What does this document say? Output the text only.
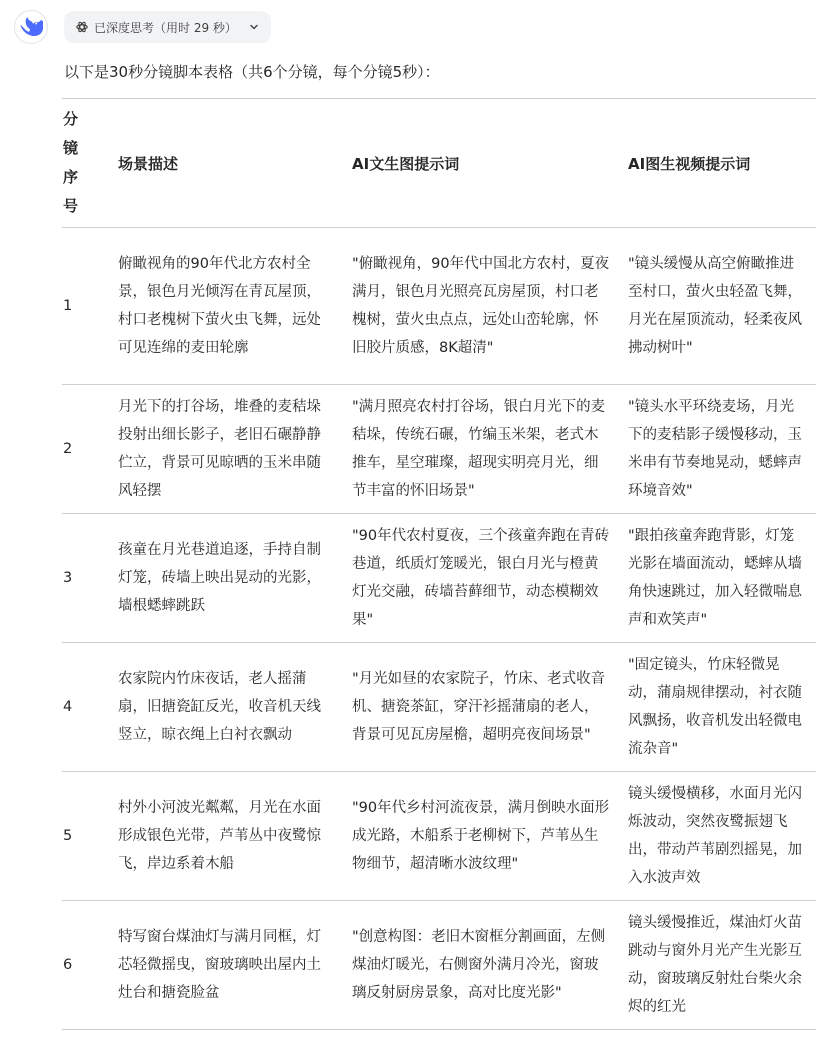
已深度思考（用时 29 秒）
以下是30秒分镜脚本表格（共6个分镜，每个分镜5秒）：
分
镜
序
号	场景描述	AI文生图提示词	AI图生视频提示词
1	俯瞰视角的90年代北方农村全景，银色月光倾泻在青瓦屋顶，村口老槐树下萤火虫飞舞，远处可见连绵的麦田轮廓	"俯瞰视角，90年代中国北方农村，夏夜满月，银色月光照亮瓦房屋顶，村口老槐树，萤火虫点点，远处山峦轮廓，怀旧胶片质感，8K超清"	"镜头缓慢从高空俯瞰推进至村口，萤火虫轻盈飞舞，月光在屋顶流动，轻柔夜风拂动树叶"
2	月光下的打谷场，堆叠的麦秸垛投射出细长影子，老旧石碾静静伫立，背景可见晾晒的玉米串随风轻摆	"满月照亮农村打谷场，银白月光下的麦秸垛，传统石碾，竹编玉米架，老式木推车，星空璀璨，超现实明亮月光，细节丰富的怀旧场景"	"镜头水平环绕麦场，月光下的麦秸影子缓慢移动，玉米串有节奏地晃动，蟋蟀声环境音效"
3	孩童在月光巷道追逐，手持自制灯笼，砖墙上映出晃动的光影，墙根蟋蟀跳跃	"90年代农村夏夜，三个孩童奔跑在青砖巷道，纸质灯笼暖光，银白月光与橙黄灯光交融，砖墙苔藓细节，动态模糊效果"	"跟拍孩童奔跑背影，灯笼光影在墙面流动，蟋蟀从墙角快速跳过，加入轻微喘息声和欢笑声"
4	农家院内竹床夜话，老人摇蒲扇，旧搪瓷缸反光，收音机天线竖立，晾衣绳上白衬衣飘动	"月光如昼的农家院子，竹床、老式收音机、搪瓷茶缸，穿汗衫摇蒲扇的老人，背景可见瓦房屋檐，超明亮夜间场景"	"固定镜头，竹床轻微晃动，蒲扇规律摆动，衬衣随风飘扬，收音机发出轻微电流杂音"
5	村外小河波光粼粼，月光在水面形成银色光带，芦苇丛中夜鹭惊飞，岸边系着木船	"90年代乡村河流夜景，满月倒映水面形成光路，木船系于老柳树下，芦苇丛生物细节，超清晰水波纹理"	镜头缓慢横移，水面月光闪烁波动，突然夜鹭振翅飞出，带动芦苇剧烈摇晃，加入水波声效
6	特写窗台煤油灯与满月同框，灯芯轻微摇曳，窗玻璃映出屋内土灶台和搪瓷脸盆	"创意构图：老旧木窗框分割画面，左侧煤油灯暖光，右侧窗外满月冷光，窗玻璃反射厨房景象，高对比度光影"	镜头缓慢推近，煤油灯火苗跳动与窗外月光产生光影互动，窗玻璃反射灶台柴火余烬的红光
